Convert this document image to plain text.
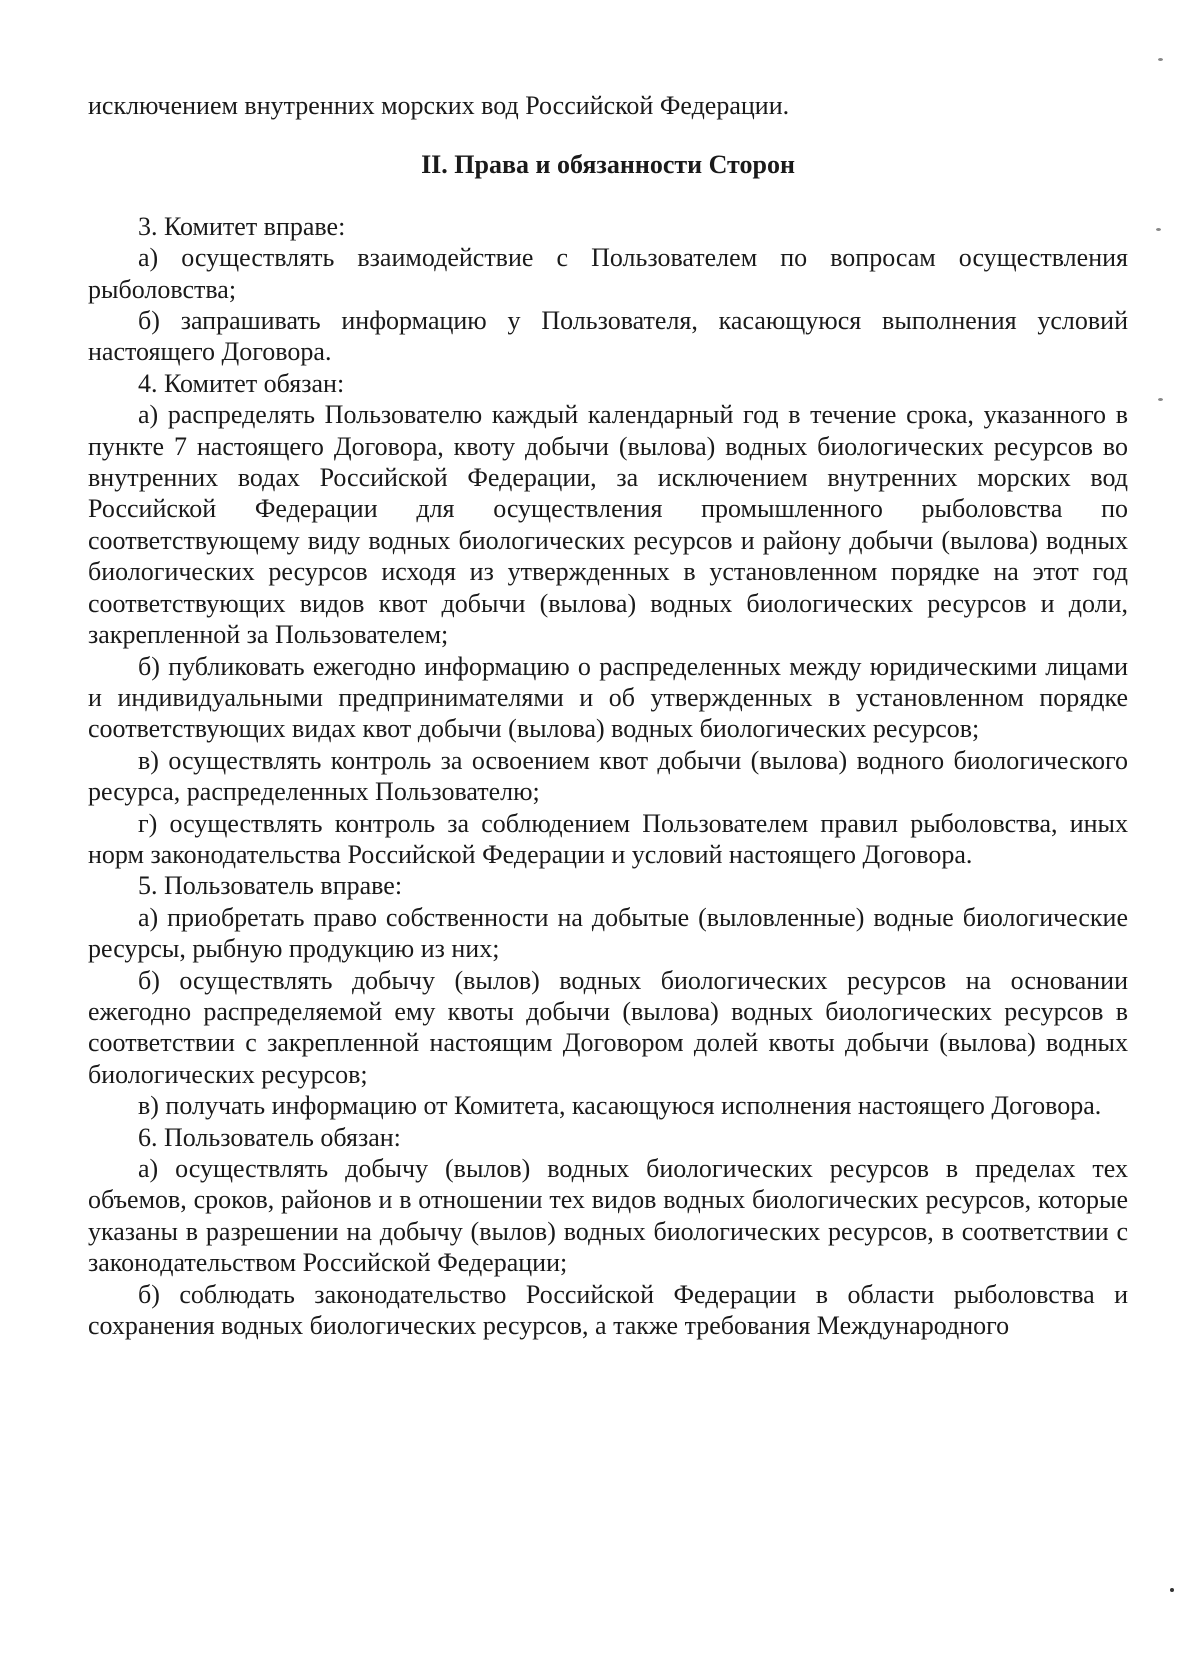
исключением внутренних морских вод Российской Федерации.

II. Права и обязанности Сторон

3. Комитет вправе:

а) осуществлять взаимодействие с Пользователем по вопросам осуществления рыболовства;

б) запрашивать информацию у Пользователя, касающуюся выполнения условий настоящего Договора.

4. Комитет обязан:

а) распределять Пользователю каждый календарный год в течение срока, указанного в пункте 7 настоящего Договора, квоту добычи (вылова) водных биологических ресурсов во внутренних водах Российской Федерации, за исключением внутренних морских вод Российской Федерации для осуществления промышленного рыболовства по соответствующему виду водных биологических ресурсов и району добычи (вылова) водных биологических ресурсов исходя из утвержденных в установленном порядке на этот год соответствующих видов квот добычи (вылова) водных биологических ресурсов и доли, закрепленной за Пользователем;

б) публиковать ежегодно информацию о распределенных между юридическими лицами и индивидуальными предпринимателями и об утвержденных в установленном порядке соответствующих видах квот добычи (вылова) водных биологических ресурсов;

в) осуществлять контроль за освоением квот добычи (вылова) водного биологического ресурса, распределенных Пользователю;

г) осуществлять контроль за соблюдением Пользователем правил рыболовства, иных норм законодательства Российской Федерации и условий настоящего Договора.

5. Пользователь вправе:

а) приобретать право собственности на добытые (выловленные) водные биологические ресурсы, рыбную продукцию из них;

б) осуществлять добычу (вылов) водных биологических ресурсов на основании ежегодно распределяемой ему квоты добычи (вылова) водных биологических ресурсов в соответствии с закрепленной настоящим Договором долей квоты добычи (вылова) водных биологических ресурсов;

в) получать информацию от Комитета, касающуюся исполнения настоящего Договора.

6. Пользователь обязан:

а) осуществлять добычу (вылов) водных биологических ресурсов в пределах тех объемов, сроков, районов и в отношении тех видов водных биологических ресурсов, которые указаны в разрешении на добычу (вылов) водных биологических ресурсов, в соответствии с законодательством Российской Федерации;

б) соблюдать законодательство Российской Федерации в области рыболовства и сохранения водных биологических ресурсов, а также требования Международного
